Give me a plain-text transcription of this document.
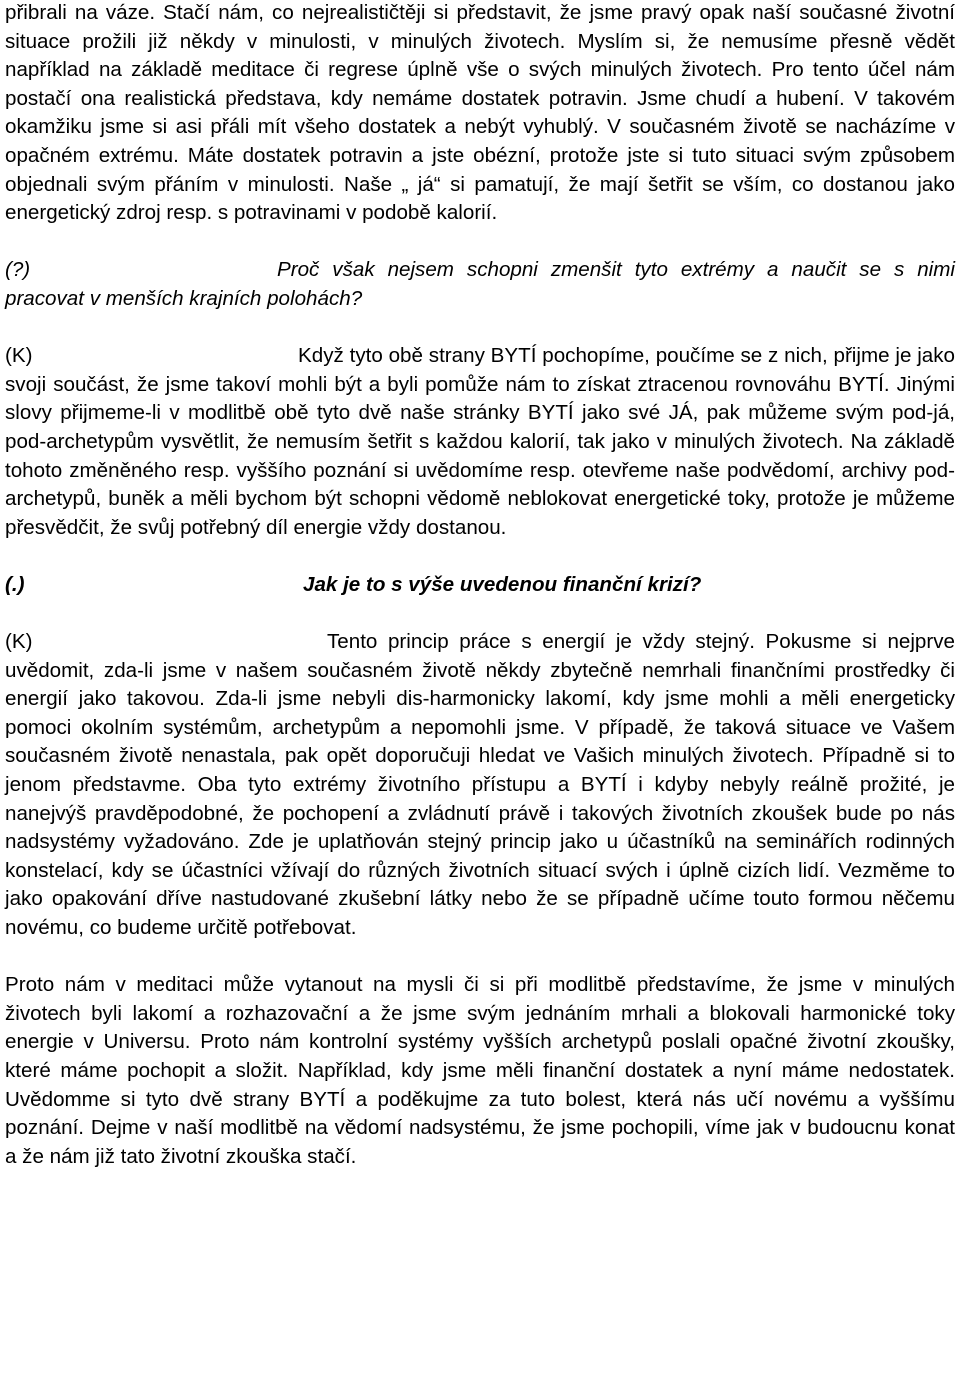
přibrali na váze. Stačí nám, co nejrealističtěji si představit, že jsme pravý opak naší současné životní situace prožili již někdy v minulosti, v minulých životech. Myslím si, že nemusíme přesně vědět například na základě meditace či regrese úplně vše o svých minulých životech. Pro tento účel nám postačí ona realistická představa, kdy nemáme dostatek potravin. Jsme chudí a hubení. V takovém okamžiku jsme si asi přáli mít všeho dostatek a nebýt vyhublý. V současném životě se nacházíme v opačném extrému. Máte dostatek potravin a jste obézní, protože jste si tuto situaci svým způsobem objednali svým přáním v minulosti. Naše „ já“ si pamatují, že mají šetřit se vším, co dostanou jako energetický zdroj resp. s potravinami v podobě kalorií.

(?)	Proč však nejsem schopni zmenšit tyto extrémy a naučit se s nimi pracovat v menších krajních polohách?

(K)	Když tyto obě strany BYTÍ pochopíme, poučíme se z nich, přijme je jako svoji součást, že jsme takoví mohli být a byli pomůže nám to získat ztracenou rovnováhu BYTÍ. Jinými slovy přijmeme-li v modlitbě obě tyto dvě naše stránky BYTÍ jako své JÁ, pak můžeme svým pod-já, pod-archetypům vysvětlit, že nemusím šetřit s každou kalorií, tak jako v minulých životech. Na základě tohoto změněného resp. vyššího poznání si uvědomíme resp. otevřeme naše podvědomí, archivy pod-archetypů, buněk a měli bychom být schopni vědomě neblokovat energetické toky, protože je můžeme přesvědčit, že svůj potřebný díl energie vždy dostanou.

(.)	Jak je to s výše uvedenou finanční krizí?

(K)	Tento princip práce s energií je vždy stejný. Pokusme si nejprve uvědomit, zda-li jsme v našem současném životě někdy zbytečně nemrhali finančními prostředky či energií jako takovou. Zda-li jsme nebyli dis-harmonicky lakomí, kdy jsme mohli a měli energeticky pomoci okolním systémům, archetypům a nepomohli jsme. V případě, že taková situace ve Vašem současném životě nenastala, pak opět doporučuji hledat ve Vašich minulých životech. Případně si to jenom představme. Oba tyto extrémy životního přístupu a BYTÍ i kdyby nebyly reálně prožité, je nanejvýš pravděpodobné, že pochopení a zvládnutí právě i takových životních zkoušek bude po nás nadsystémy vyžadováno. Zde je uplatňován stejný princip jako u účastníků na seminářích rodinných konstelací, kdy se účastníci vžívají do různých životních situací svých i úplně cizích lidí. Vezměme to jako opakování dříve nastudované zkušební látky nebo že se případně učíme touto formou něčemu novému, co budeme určitě potřebovat.

Proto nám v meditaci může vytanout na mysli či si při modlitbě představíme, že jsme v minulých životech byli lakomí a rozhazovační a že jsme svým jednáním mrhali a blokovali harmonické toky energie v Universu. Proto nám kontrolní systémy vyšších archetypů poslali opačné životní zkoušky, které máme pochopit a složit. Například, kdy jsme měli finanční dostatek a nyní máme nedostatek. Uvědomme si tyto dvě strany BYTÍ a poděkujme za tuto bolest, která nás učí novému a vyššímu poznání. Dejme v naší modlitbě na vědomí nadsystému, že jsme pochopili, víme jak v budoucnu konat a že nám již tato životní zkouška stačí.
